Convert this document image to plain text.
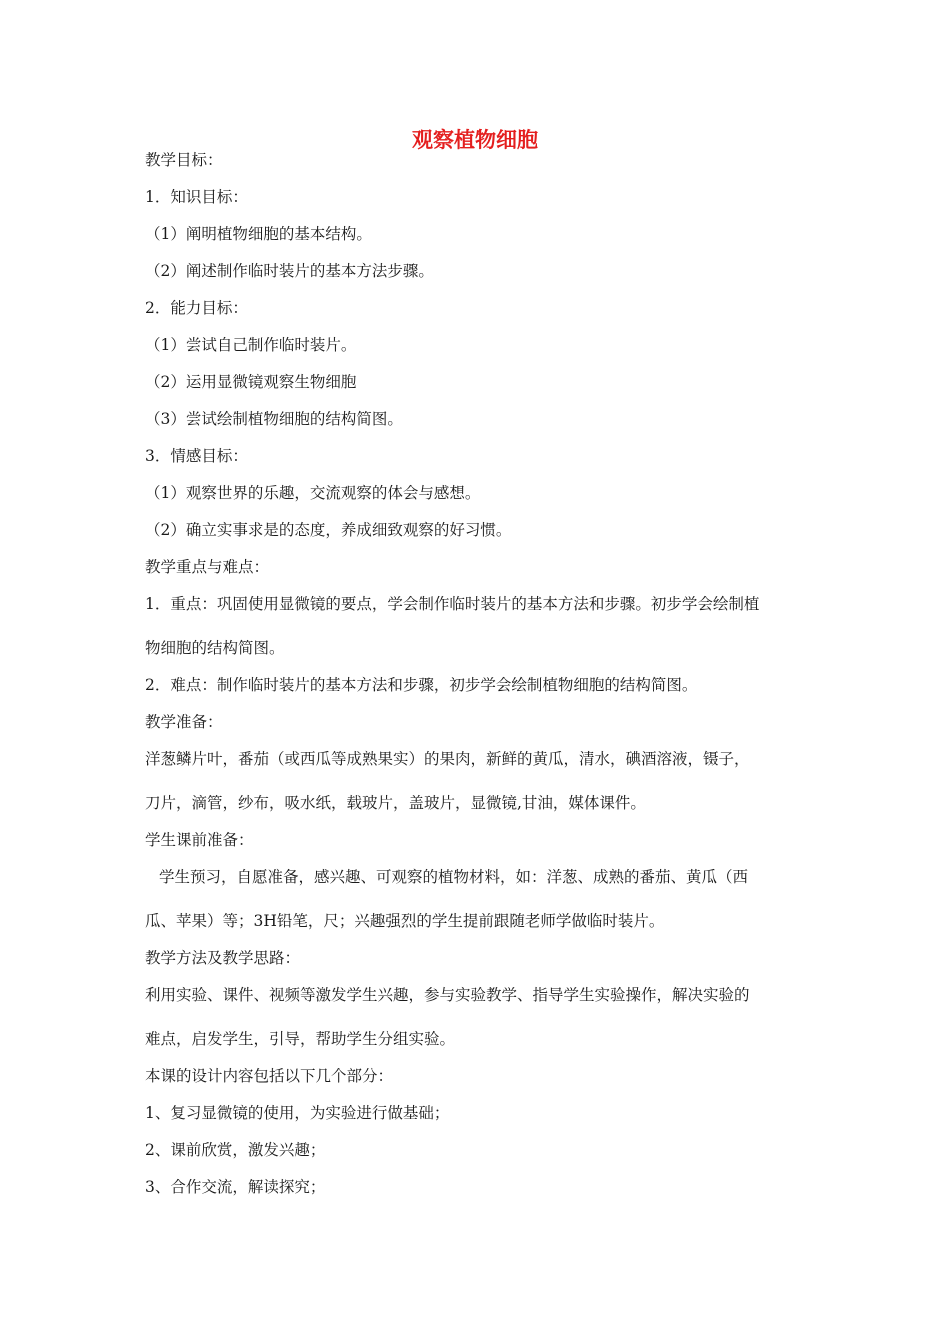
观察植物细胞
教学目标：
1．知识目标：
（1）阐明植物细胞的基本结构。
（2）阐述制作临时装片的基本方法步骤。
2．能力目标：
（1）尝试自己制作临时装片。
（2）运用显微镜观察生物细胞
（3）尝试绘制植物细胞的结构简图。
3．情感目标：
（1）观察世界的乐趣，交流观察的体会与感想。
（2）确立实事求是的态度，养成细致观察的好习惯。
教学重点与难点：
1．重点：巩固使用显微镜的要点，学会制作临时装片的基本方法和步骤。初步学会绘制植
物细胞的结构简图。
2．难点：制作临时装片的基本方法和步骤，初步学会绘制植物细胞的结构简图。
教学准备：
洋葱鳞片叶，番茄（或西瓜等成熟果实）的果肉，新鲜的黄瓜，清水，碘酒溶液，镊子，
刀片，滴管，纱布，吸水纸，载玻片，盖玻片，显微镜,甘油，媒体课件。
学生课前准备：
学生预习，自愿准备，感兴趣、可观察的植物材料，如：洋葱、成熟的番茄、黄瓜（西
瓜、苹果）等；3H铅笔，尺；兴趣强烈的学生提前跟随老师学做临时装片。
教学方法及教学思路：
利用实验、课件、视频等激发学生兴趣，参与实验教学、指导学生实验操作，解决实验的
难点，启发学生，引导，帮助学生分组实验。
本课的设计内容包括以下几个部分：
1、复习显微镜的使用，为实验进行做基础；
2、课前欣赏，激发兴趣；
3、合作交流，解读探究；
